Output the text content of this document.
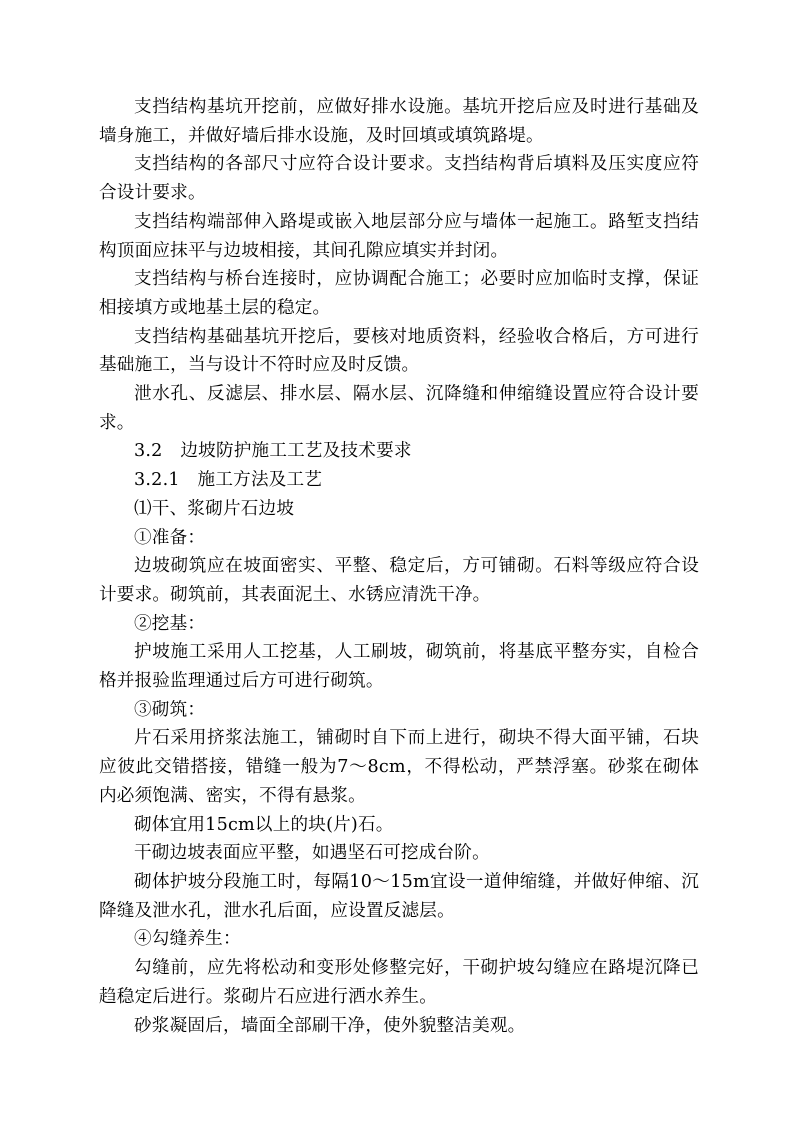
支挡结构基坑开挖前，应做好排水设施。基坑开挖后应及时进行基础及墙身施工，并做好墙后排水设施，及时回填或填筑路堤。

支挡结构的各部尺寸应符合设计要求。支挡结构背后填料及压实度应符合设计要求。

支挡结构端部伸入路堤或嵌入地层部分应与墙体一起施工。路堑支挡结构顶面应抹平与边坡相接，其间孔隙应填实并封闭。

支挡结构与桥台连接时，应协调配合施工；必要时应加临时支撑，保证相接填方或地基土层的稳定。

支挡结构基础基坑开挖后，要核对地质资料，经验收合格后，方可进行基础施工，当与设计不符时应及时反馈。

泄水孔、反滤层、排水层、隔水层、沉降缝和伸缩缝设置应符合设计要求。

3.2　边坡防护施工工艺及技术要求

3.2.1　施工方法及工艺

⑴干、浆砌片石边坡

①准备：

边坡砌筑应在坡面密实、平整、稳定后，方可铺砌。石料等级应符合设计要求。砌筑前，其表面泥土、水锈应清洗干净。

②挖基：

护坡施工采用人工挖基，人工刷坡，砌筑前，将基底平整夯实，自检合格并报验监理通过后方可进行砌筑。

③砌筑：

片石采用挤浆法施工，铺砌时自下而上进行，砌块不得大面平铺，石块应彼此交错搭接，错缝一般为7～8cm，不得松动，严禁浮塞。砂浆在砌体内必须饱满、密实，不得有悬浆。

砌体宜用15cm以上的块(片)石。

干砌边坡表面应平整，如遇坚石可挖成台阶。

砌体护坡分段施工时，每隔10～15m宜设一道伸缩缝，并做好伸缩、沉降缝及泄水孔，泄水孔后面，应设置反滤层。

④勾缝养生：

勾缝前，应先将松动和变形处修整完好，干砌护坡勾缝应在路堤沉降已趋稳定后进行。浆砌片石应进行洒水养生。

砂浆凝固后，墙面全部刷干净，使外貌整洁美观。
